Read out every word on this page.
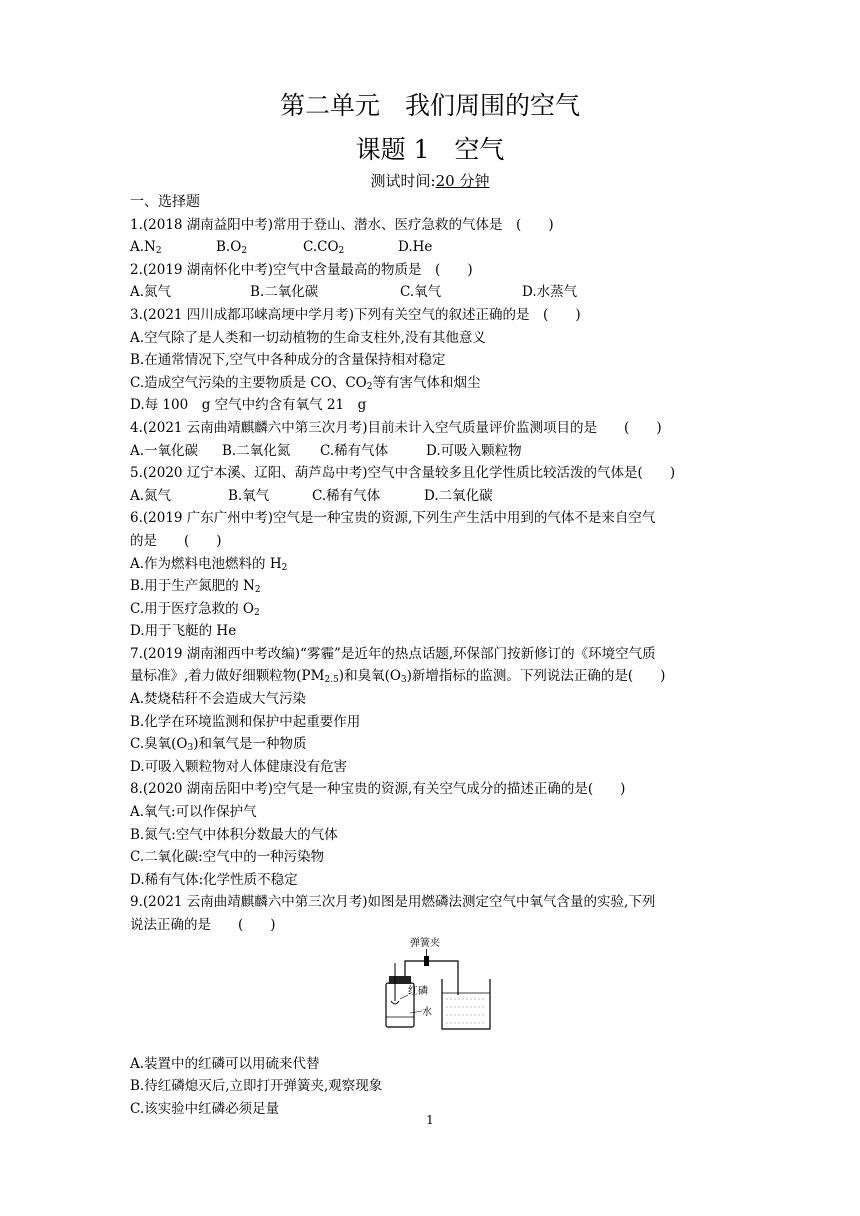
第二单元　我们周围的空气
课题 1　空气
测试时间:20 分钟
一、选择题
1.(2018 湖南益阳中考)常用于登山、潜水、医疗急救的气体是　(　　)
$A.N_2$	$B.O_2$	$C.CO_2$	D.He
2.(2019 湖南怀化中考)空气中含量最高的物质是　(　　)
A.氮气	B.二氧化碳	C.氧气	D.水蒸气
3.(2021 四川成都邛崃高埂中学月考)下列有关空气的叙述正确的是　(　　)
A.空气除了是人类和一切动植物的生命支柱外,没有其他意义
B.在通常情况下,空气中各种成分的含量保持相对稳定
C.造成空气污染的主要物质是 CO、$CO_2$等有害气体和烟尘
D.每 100　g 空气中约含有氧气 21　g
4.(2021 云南曲靖麒麟六中第三次月考)目前未计入空气质量评价监测项目的是　　(　　)
A.一氧化碳 B.二氧化氮 C.稀有气体	D.可吸入颗粒物
5.(2020 辽宁本溪、辽阳、葫芦岛中考)空气中含量较多且化学性质比较活泼的气体是(　　)
A.氮气	B.氧气	C.稀有气体	D.二氧化碳
6.(2019 广东广州中考)空气是一种宝贵的资源,下列生产生活中用到的气体不是来自空气
的是　　(　　)
A.作为燃料电池燃料的 $H_2$
B.用于生产氮肥的 $N_2$
C.用于医疗急救的 $O_2$
D.用于飞艇的 He
7.(2019 湖南湘西中考改编)“雾霾”是近年的热点话题,环保部门按新修订的《环境空气质
量标准》,着力做好细颗粒物$(PM_{2.5})$和臭氧$(O_3)$新增指标的监测。下列说法正确的是(　　)
A.焚烧秸秆不会造成大气污染
B.化学在环境监测和保护中起重要作用
C.臭氧$(O_3)$和氧气是一种物质
D.可吸入颗粒物对人体健康没有危害
8.(2020 湖南岳阳中考)空气是一种宝贵的资源,有关空气成分的描述正确的是(　　)
A.氧气:可以作保护气
B.氮气:空气中体积分数最大的气体
C.二氧化碳:空气中的一种污染物
D.稀有气体:化学性质不稳定
9.(2021 云南曲靖麒麟六中第三次月考)如图是用燃磷法测定空气中氧气含量的实验,下列
说法正确的是　　(　　)
弹簧夹
红磷
水
A.装置中的红磷可以用硫来代替
B.待红磷熄灭后,立即打开弹簧夹,观察现象
C.该实验中红磷必须足量
1
